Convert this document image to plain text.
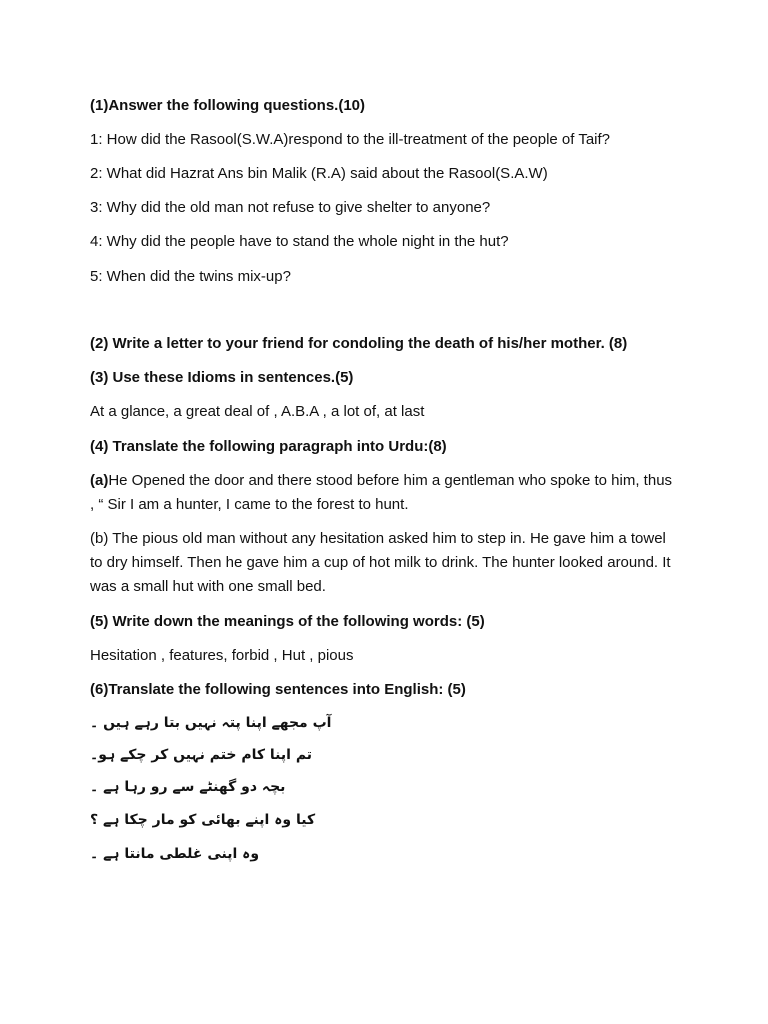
(1)Answer the following questions.(10)
1: How did the Rasool(S.W.A)respond to the ill-treatment of the people of Taif?
2: What did Hazrat Ans bin Malik (R.A) said about the Rasool(S.A.W)
3: Why did the old man not refuse to give shelter to anyone?
4: Why did the people have to stand the whole night in the hut?
5: When did the twins mix-up?
(2) Write a letter to your friend for condoling the death of his/her mother. (8)
(3) Use these Idioms in sentences.(5)
At a glance, a great deal of , A.B.A , a lot of, at last
(4) Translate the following paragraph into Urdu:(8)
(a)He Opened the door and there stood before him a gentleman who spoke to him, thus , “ Sir I am a hunter, I came to the forest to hunt.
(b) The pious old man without any hesitation asked him to step in. He gave him a towel to dry himself. Then he gave him a cup of hot milk to drink. The hunter looked around. It was a small hut with one small bed.
(5) Write down the meanings of the following words: (5)
Hesitation , features, forbid , Hut , pious
(6)Translate the following sentences into English: (5)
آپ مجھے اپنا پتہ نہیں بتا رہے ہیں ۔
تم اپنا کام ختم نہیں کر چکے ہو۔
بچہ دو گھنٹے سے رو رہا ہے ۔
کیا وہ اپنے بھائی کو مار چکا ہے ؟
وہ اپنی غلطی مانتا ہے ۔
